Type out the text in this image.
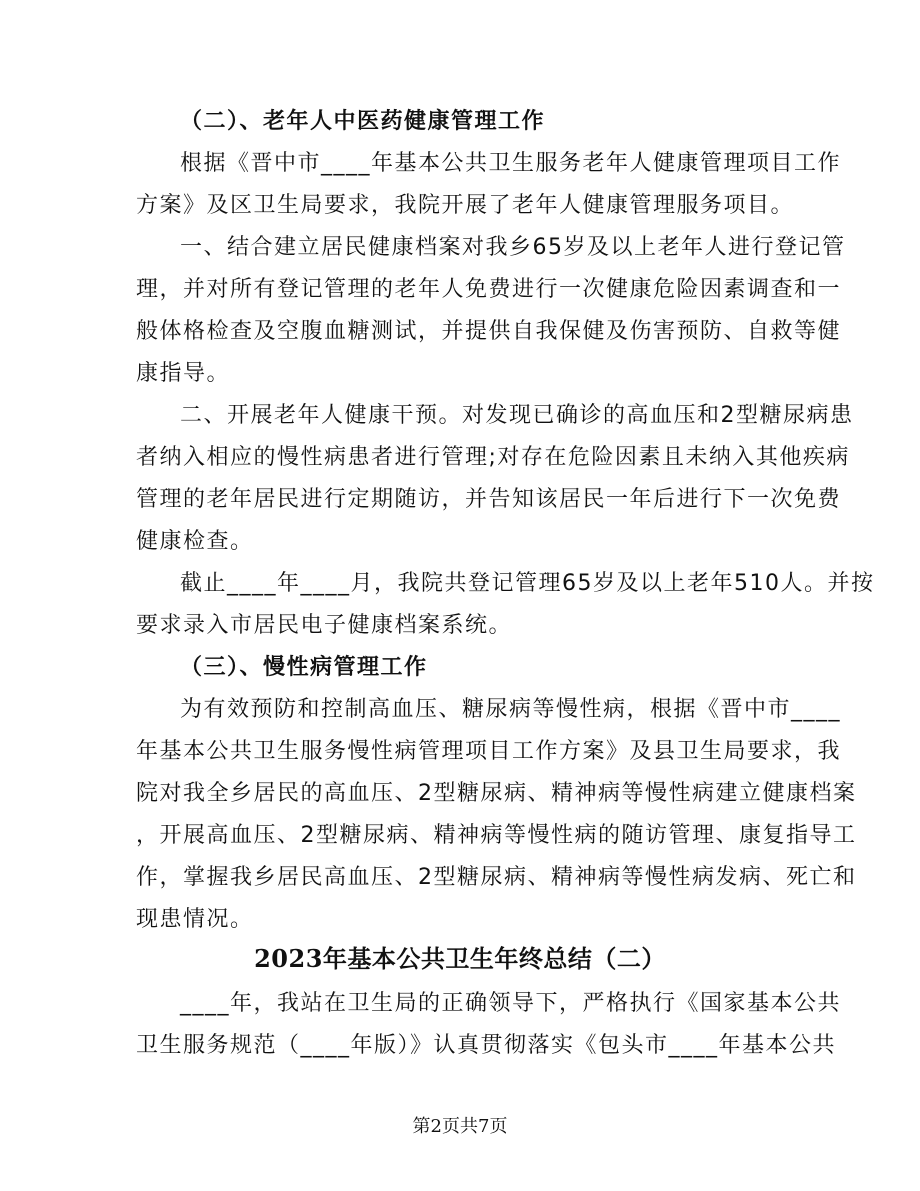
（二）、老年人中医药健康管理工作
根据《晋中市____年基本公共卫生服务老年人健康管理项目工作
方案》及区卫生局要求，我院开展了老年人健康管理服务项目。
一、结合建立居民健康档案对我乡65岁及以上老年人进行登记管
理，并对所有登记管理的老年人免费进行一次健康危险因素调查和一
般体格检查及空腹血糖测试，并提供自我保健及伤害预防、自救等健
康指导。
二、开展老年人健康干预。对发现已确诊的高血压和2型糖尿病患
者纳入相应的慢性病患者进行管理;对存在危险因素且未纳入其他疾病
管理的老年居民进行定期随访，并告知该居民一年后进行下一次免费
健康检查。
截止____年____月，我院共登记管理65岁及以上老年510人。并按
要求录入市居民电子健康档案系统。
（三）、慢性病管理工作
为有效预防和控制高血压、糖尿病等慢性病，根据《晋中市____
年基本公共卫生服务慢性病管理项目工作方案》及县卫生局要求，我
院对我全乡居民的高血压、2型糖尿病、精神病等慢性病建立健康档案
，开展高血压、2型糖尿病、精神病等慢性病的随访管理、康复指导工
作，掌握我乡居民高血压、2型糖尿病、精神病等慢性病发病、死亡和
现患情况。
2023年基本公共卫生年终总结（二）
____年，我站在卫生局的正确领导下，严格执行《国家基本公共
卫生服务规范（____年版）》认真贯彻落实《包头市____年基本公共
第2页共7页
